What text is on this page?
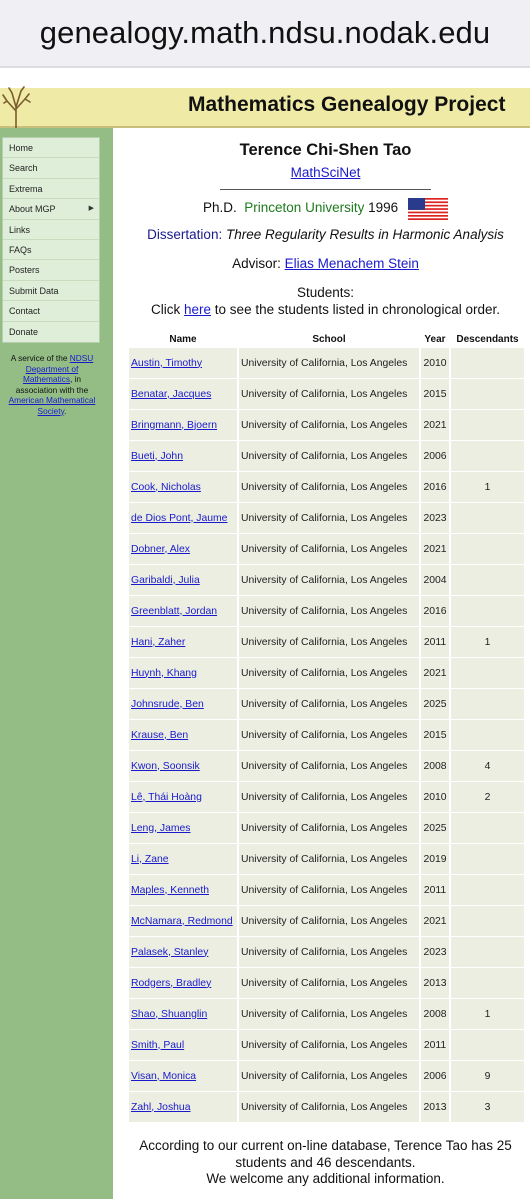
genealogy.math.ndsu.nodak.edu
Mathematics Genealogy Project
Home
Search
Extrema
About MGP	▶
Links
FAQs
Posters
Submit Data
Contact
Donate
A service of the NDSU Department of Mathematics, in association with the American Mathematical Society.
Terence Chi-Shen Tao
MathSciNet
Ph.D. Princeton University 1996
Dissertation: Three Regularity Results in Harmonic Analysis
Advisor: Elias Menachem Stein
Students:
Click here to see the students listed in chronological order.
Name	School	Year	Descendants
Austin, Timothy	University of California, Los Angeles	2010	
Benatar, Jacques	University of California, Los Angeles	2015	
Bringmann, Bjoern	University of California, Los Angeles	2021	
Bueti, John	University of California, Los Angeles	2006	
Cook, Nicholas	University of California, Los Angeles	2016	1
de Dios Pont, Jaume	University of California, Los Angeles	2023	
Dobner, Alex	University of California, Los Angeles	2021	
Garibaldi, Julia	University of California, Los Angeles	2004	
Greenblatt, Jordan	University of California, Los Angeles	2016	
Hani, Zaher	University of California, Los Angeles	2011	1
Huynh, Khang	University of California, Los Angeles	2021	
Johnsrude, Ben	University of California, Los Angeles	2025	
Krause, Ben	University of California, Los Angeles	2015	
Kwon, Soonsik	University of California, Los Angeles	2008	4
Lê, Thái Hoàng	University of California, Los Angeles	2010	2
Leng, James	University of California, Los Angeles	2025	
Li, Zane	University of California, Los Angeles	2019	
Maples, Kenneth	University of California, Los Angeles	2011	
McNamara, Redmond	University of California, Los Angeles	2021	
Palasek, Stanley	University of California, Los Angeles	2023	
Rodgers, Bradley	University of California, Los Angeles	2013	
Shao, Shuanglin	University of California, Los Angeles	2008	1
Smith, Paul	University of California, Los Angeles	2011	
Visan, Monica	University of California, Los Angeles	2006	9
Zahl, Joshua	University of California, Los Angeles	2013	3
According to our current on-line database, Terence Tao has 25 students and 46 descendants.
We welcome any additional information.
